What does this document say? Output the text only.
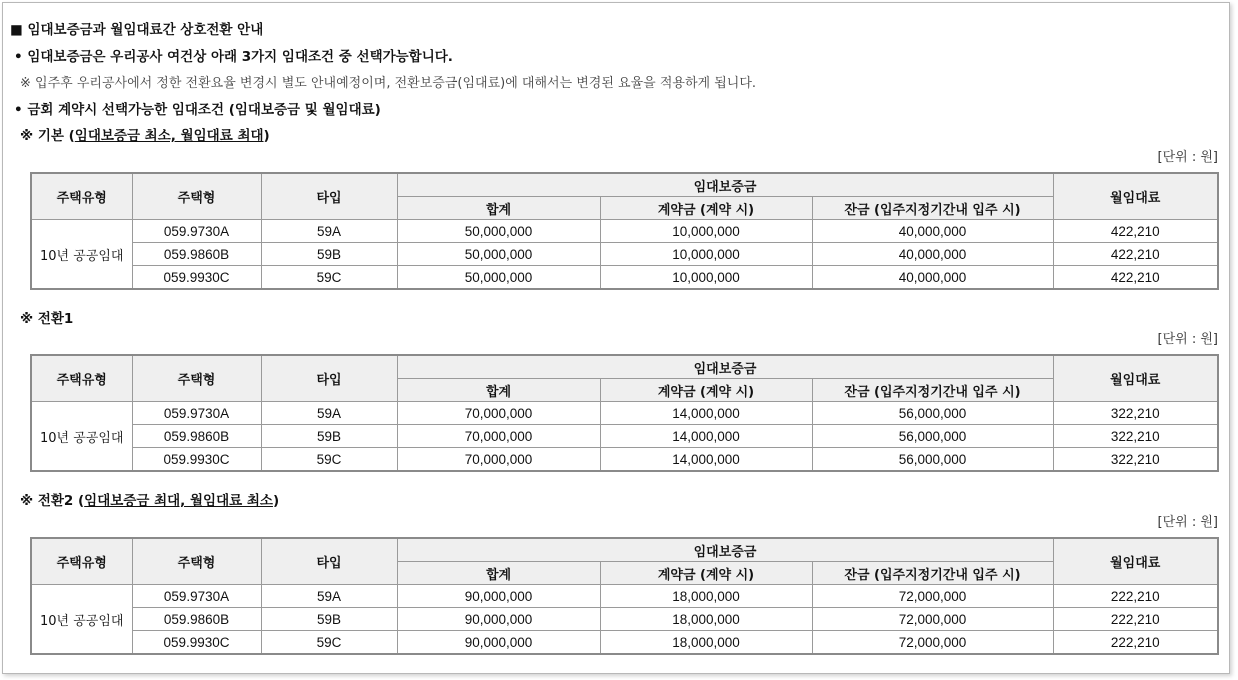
■ 임대보증금과 월임대료간 상호전환 안내
• 임대보증금은 우리공사 여건상 아래 3가지 임대조건 중 선택가능합니다.
※ 입주후 우리공사에서 정한 전환요율 변경시 별도 안내예정이며, 전환보증금(임대료)에 대해서는 변경된 요율을 적용하게 됩니다.
• 금회 계약시 선택가능한 임대조건 (임대보증금 및 월임대료)
※ 기본 (임대보증금 최소, 월임대료 최대)
[단위 : 원]
주택유형	주택형	타입	임대보증금			월임대료
			합계	계약금 (계약 시)	잔금 (입주지정기간내 입주 시)	
10년 공공임대	059.9730A	59A	50,000,000	10,000,000	40,000,000	422,210
	059.9860B	59B	50,000,000	10,000,000	40,000,000	422,210
	059.9930C	59C	50,000,000	10,000,000	40,000,000	422,210
※ 전환1
[단위 : 원]
주택유형	주택형	타입	임대보증금			월임대료
			합계	계약금 (계약 시)	잔금 (입주지정기간내 입주 시)	
10년 공공임대	059.9730A	59A	70,000,000	14,000,000	56,000,000	322,210
	059.9860B	59B	70,000,000	14,000,000	56,000,000	322,210
	059.9930C	59C	70,000,000	14,000,000	56,000,000	322,210
※ 전환2 (임대보증금 최대, 월임대료 최소)
[단위 : 원]
주택유형	주택형	타입	임대보증금			월임대료
			합계	계약금 (계약 시)	잔금 (입주지정기간내 입주 시)	
10년 공공임대	059.9730A	59A	90,000,000	18,000,000	72,000,000	222,210
	059.9860B	59B	90,000,000	18,000,000	72,000,000	222,210
	059.9930C	59C	90,000,000	18,000,000	72,000,000	222,210
